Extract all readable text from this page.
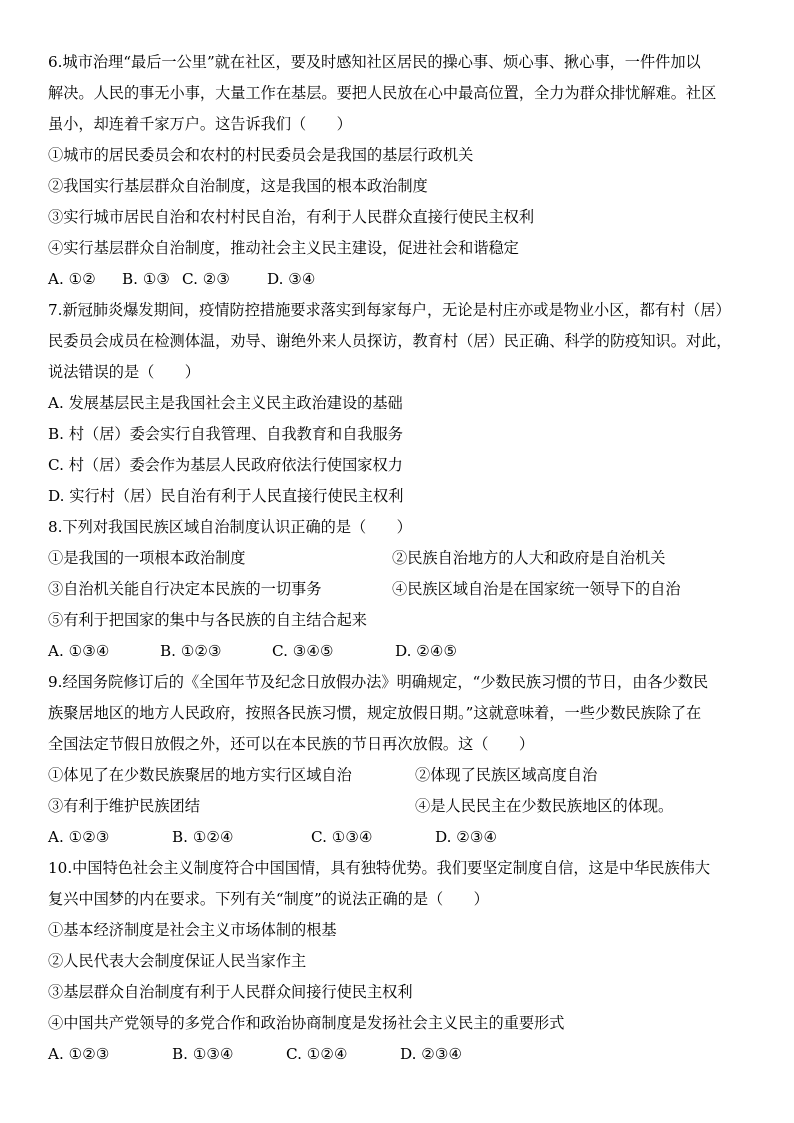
6.城市治理“最后一公里”就在社区，要及时感知社区居民的操心事、烦心事、揪心事，一件件加以
解决。人民的事无小事，大量工作在基层。要把人民放在心中最高位置，全力为群众排忧解难。社区
虽小，却连着千家万户。这告诉我们（　　）
①城市的居民委员会和农村的村民委员会是我国的基层行政机关
②我国实行基层群众自治制度，这是我国的根本政治制度
③实行城市居民自治和农村村民自治，有利于人民群众直接行使民主权利
④实行基层群众自治制度，推动社会主义民主建设，促进社会和谐稳定
A. ①② B. ①③ C. ②③ D. ③④
7.新冠肺炎爆发期间，疫情防控措施要求落实到每家每户，无论是村庄亦或是物业小区，都有村（居）
民委员会成员在检测体温，劝导、谢绝外来人员探访，教育村（居）民正确、科学的防疫知识。对此，
说法错误的是（　　）
A. 发展基层民主是我国社会主义民主政治建设的基础
B. 村（居）委会实行自我管理、自我教育和自我服务
C. 村（居）委会作为基层人民政府依法行使国家权力
D. 实行村（居）民自治有利于人民直接行使民主权利
8.下列对我国民族区域自治制度认识正确的是（　　）
①是我国的一项根本政治制度	②民族自治地方的人大和政府是自治机关
③自治机关能自行决定本民族的一切事务	④民族区域自治是在国家统一领导下的自治
⑤有利于把国家的集中与各民族的自主结合起来
A. ①③④	B. ①②③	C. ③④⑤	D. ②④⑤
9.经国务院修订后的《全国年节及纪念日放假办法》明确规定，“少数民族习惯的节日，由各少数民
族聚居地区的地方人民政府，按照各民族习惯，规定放假日期。”这就意味着，一些少数民族除了在
全国法定节假日放假之外，还可以在本民族的节日再次放假。这（　　）
①体见了在少数民族聚居的地方实行区域自治	②体现了民族区域高度自治
③有利于维护民族团结	④是人民民主在少数民族地区的体现。
A. ①②③	B. ①②④	C. ①③④	D. ②③④
10.中国特色社会主义制度符合中国国情，具有独特优势。我们要坚定制度自信，这是中华民族伟大
复兴中国梦的内在要求。下列有关“制度”的说法正确的是（　　）
①基本经济制度是社会主义市场体制的根基
②人民代表大会制度保证人民当家作主
③基层群众自治制度有利于人民群众间接行使民主权利
④中国共产党领导的多党合作和政治协商制度是发扬社会主义民主的重要形式
A. ①②③	B. ①③④	C. ①②④	D. ②③④
